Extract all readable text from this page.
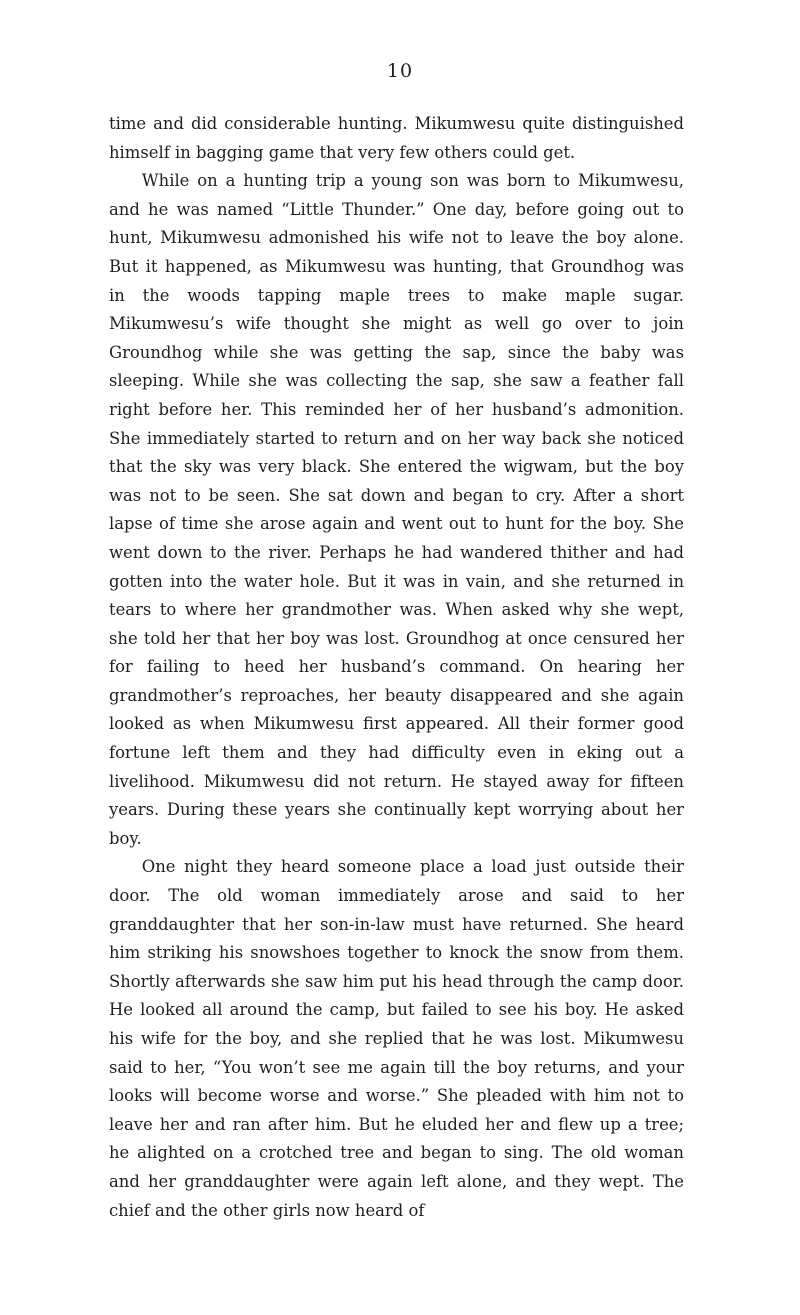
10

time and did considerable hunting. Mikumwesu quite distinguished himself in bagging game that very few others could get.

While on a hunting trip a young son was born to Mikumwesu, and he was named “Little Thunder.” One day, before going out to hunt, Mikumwesu admonished his wife not to leave the boy alone. But it happened, as Mikumwesu was hunting, that Groundhog was in the woods tapping maple trees to make maple sugar. Mikumwesu’s wife thought she might as well go over to join Groundhog while she was getting the sap, since the baby was sleeping. While she was collecting the sap, she saw a feather fall right before her. This reminded her of her husband’s admonition. She immediately started to return and on her way back she noticed that the sky was very black. She entered the wigwam, but the boy was not to be seen. She sat down and began to cry. After a short lapse of time she arose again and went out to hunt for the boy. She went down to the river. Perhaps he had wandered thither and had gotten into the water hole. But it was in vain, and she returned in tears to where her grandmother was. When asked why she wept, she told her that her boy was lost. Groundhog at once censured her for failing to heed her husband’s command. On hearing her grandmother’s reproaches, her beauty disappeared and she again looked as when Mikumwesu first appeared. All their former good fortune left them and they had difficulty even in eking out a livelihood. Mikumwesu did not return. He stayed away for fifteen years. During these years she continually kept worrying about her boy.

One night they heard someone place a load just outside their door. The old woman immediately arose and said to her granddaughter that her son-in-law must have returned. She heard him striking his snowshoes together to knock the snow from them. Shortly afterwards she saw him put his head through the camp door. He looked all around the camp, but failed to see his boy. He asked his wife for the boy, and she replied that he was lost. Mikumwesu said to her, “You won’t see me again till the boy returns, and your looks will become worse and worse.” She pleaded with him not to leave her and ran after him. But he eluded her and flew up a tree; he alighted on a crotched tree and began to sing. The old woman and her granddaughter were again left alone, and they wept. The chief and the other girls now heard of
